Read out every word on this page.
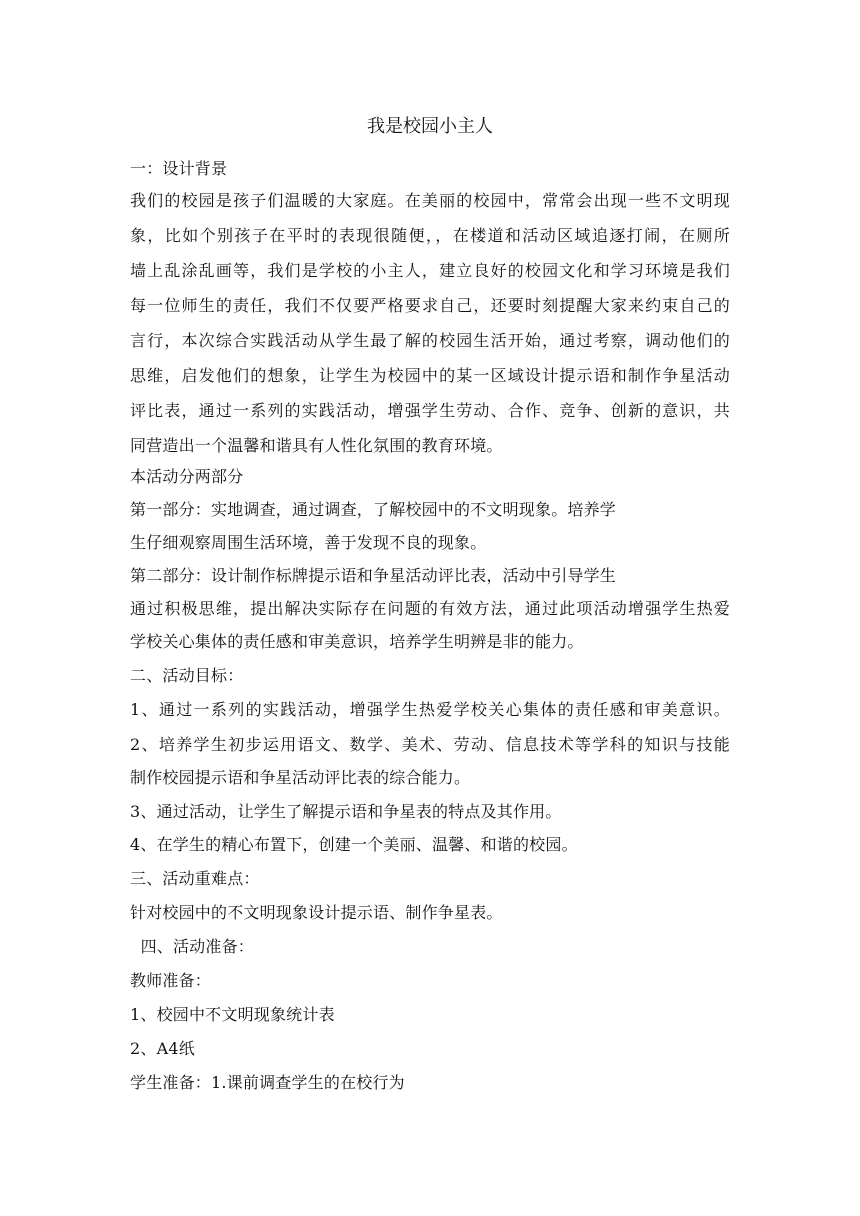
我是校园小主人
一：设计背景
我们的校园是孩子们温暖的大家庭。在美丽的校园中，常常会出现一些不文明现
象，比如个别孩子在平时的表现很随便，，在楼道和活动区域追逐打闹，在厕所
墙上乱涂乱画等，我们是学校的小主人，建立良好的校园文化和学习环境是我们
每一位师生的责任，我们不仅要严格要求自己，还要时刻提醒大家来约束自己的
言行，本次综合实践活动从学生最了解的校园生活开始，通过考察，调动他们的
思维，启发他们的想象，让学生为校园中的某一区域设计提示语和制作争星活动
评比表，通过一系列的实践活动，增强学生劳动、合作、竞争、创新的意识，共
同营造出一个温馨和谐具有人性化氛围的教育环境。
本活动分两部分
第一部分：实地调查，通过调查，了解校园中的不文明现象。培养学
生仔细观察周围生活环境，善于发现不良的现象。
第二部分：设计制作标牌提示语和争星活动评比表，活动中引导学生
通过积极思维，提出解决实际存在问题的有效方法，通过此项活动增强学生热爱
学校关心集体的责任感和审美意识，培养学生明辨是非的能力。
二、活动目标：
1、通过一系列的实践活动，增强学生热爱学校关心集体的责任感和审美意识。
2、培养学生初步运用语文、数学、美术、劳动、信息技术等学科的知识与技能
制作校园提示语和争星活动评比表的综合能力。
3、通过活动，让学生了解提示语和争星表的特点及其作用。
4、在学生的精心布置下，创建一个美丽、温馨、和谐的校园。
三、活动重难点：
针对校园中的不文明现象设计提示语、制作争星表。
四、活动准备：
教师准备：
1、校园中不文明现象统计表
2、A4纸
学生准备：1.课前调查学生的在校行为
